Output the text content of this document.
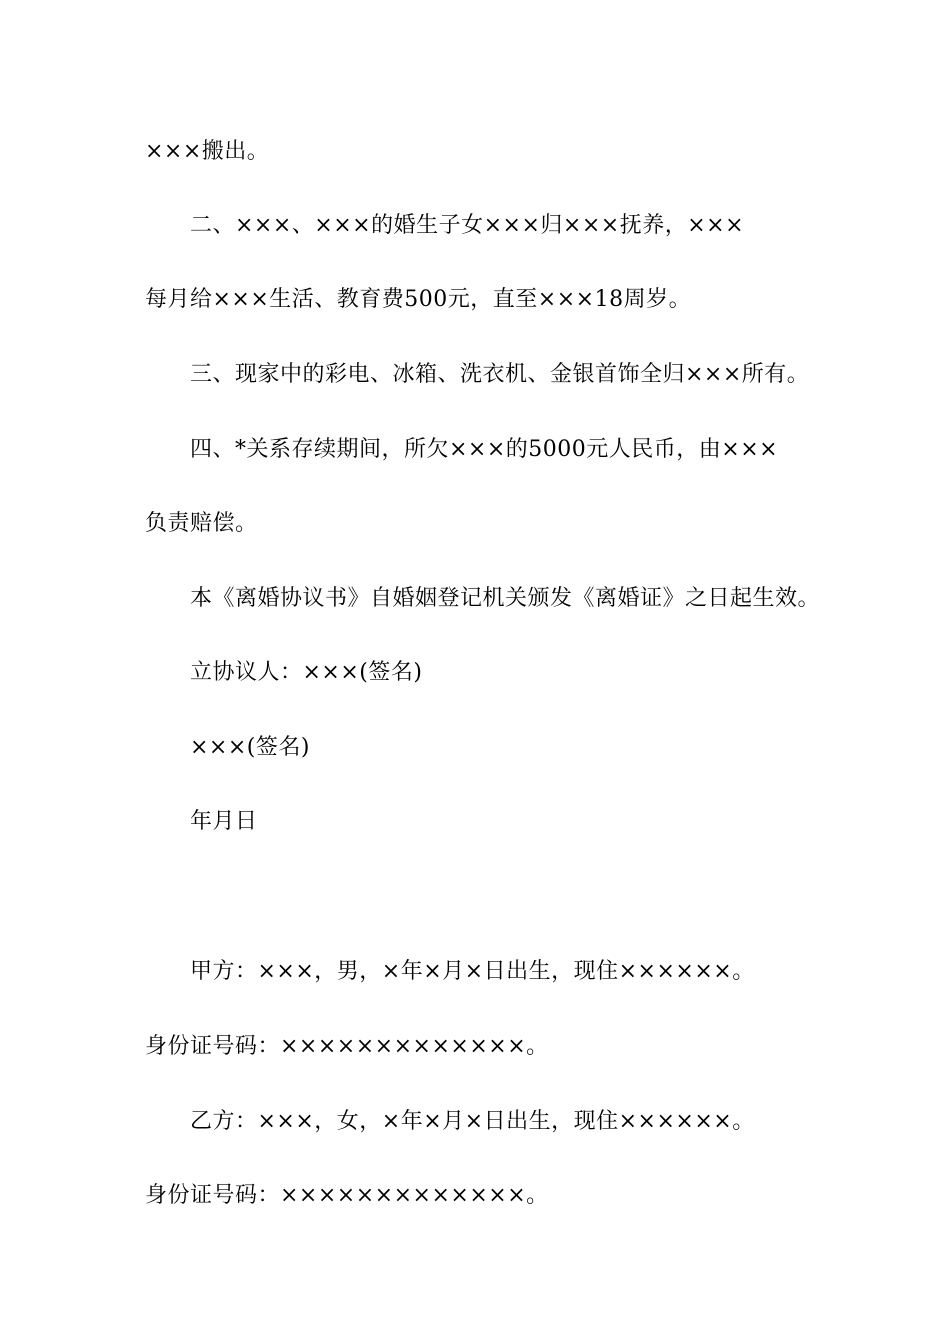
×××搬出。
二、×××、×××的婚生子女×××归×××抚养，×××
每月给×××生活、教育费500元，直至×××18周岁。
三、现家中的彩电、冰箱、洗衣机、金银首饰全归×××所有。
四、*关系存续期间，所欠×××的5000元人民币，由×××
负责赔偿。
本《离婚协议书》自婚姻登记机关颁发《离婚证》之日起生效。
立协议人：×××(签名)
×××(签名)
年月日
甲方：×××，男，×年×月×日出生，现住××××××。
身份证号码：×××××××××××××。
乙方：×××，女，×年×月×日出生，现住××××××。
身份证号码：×××××××××××××。
